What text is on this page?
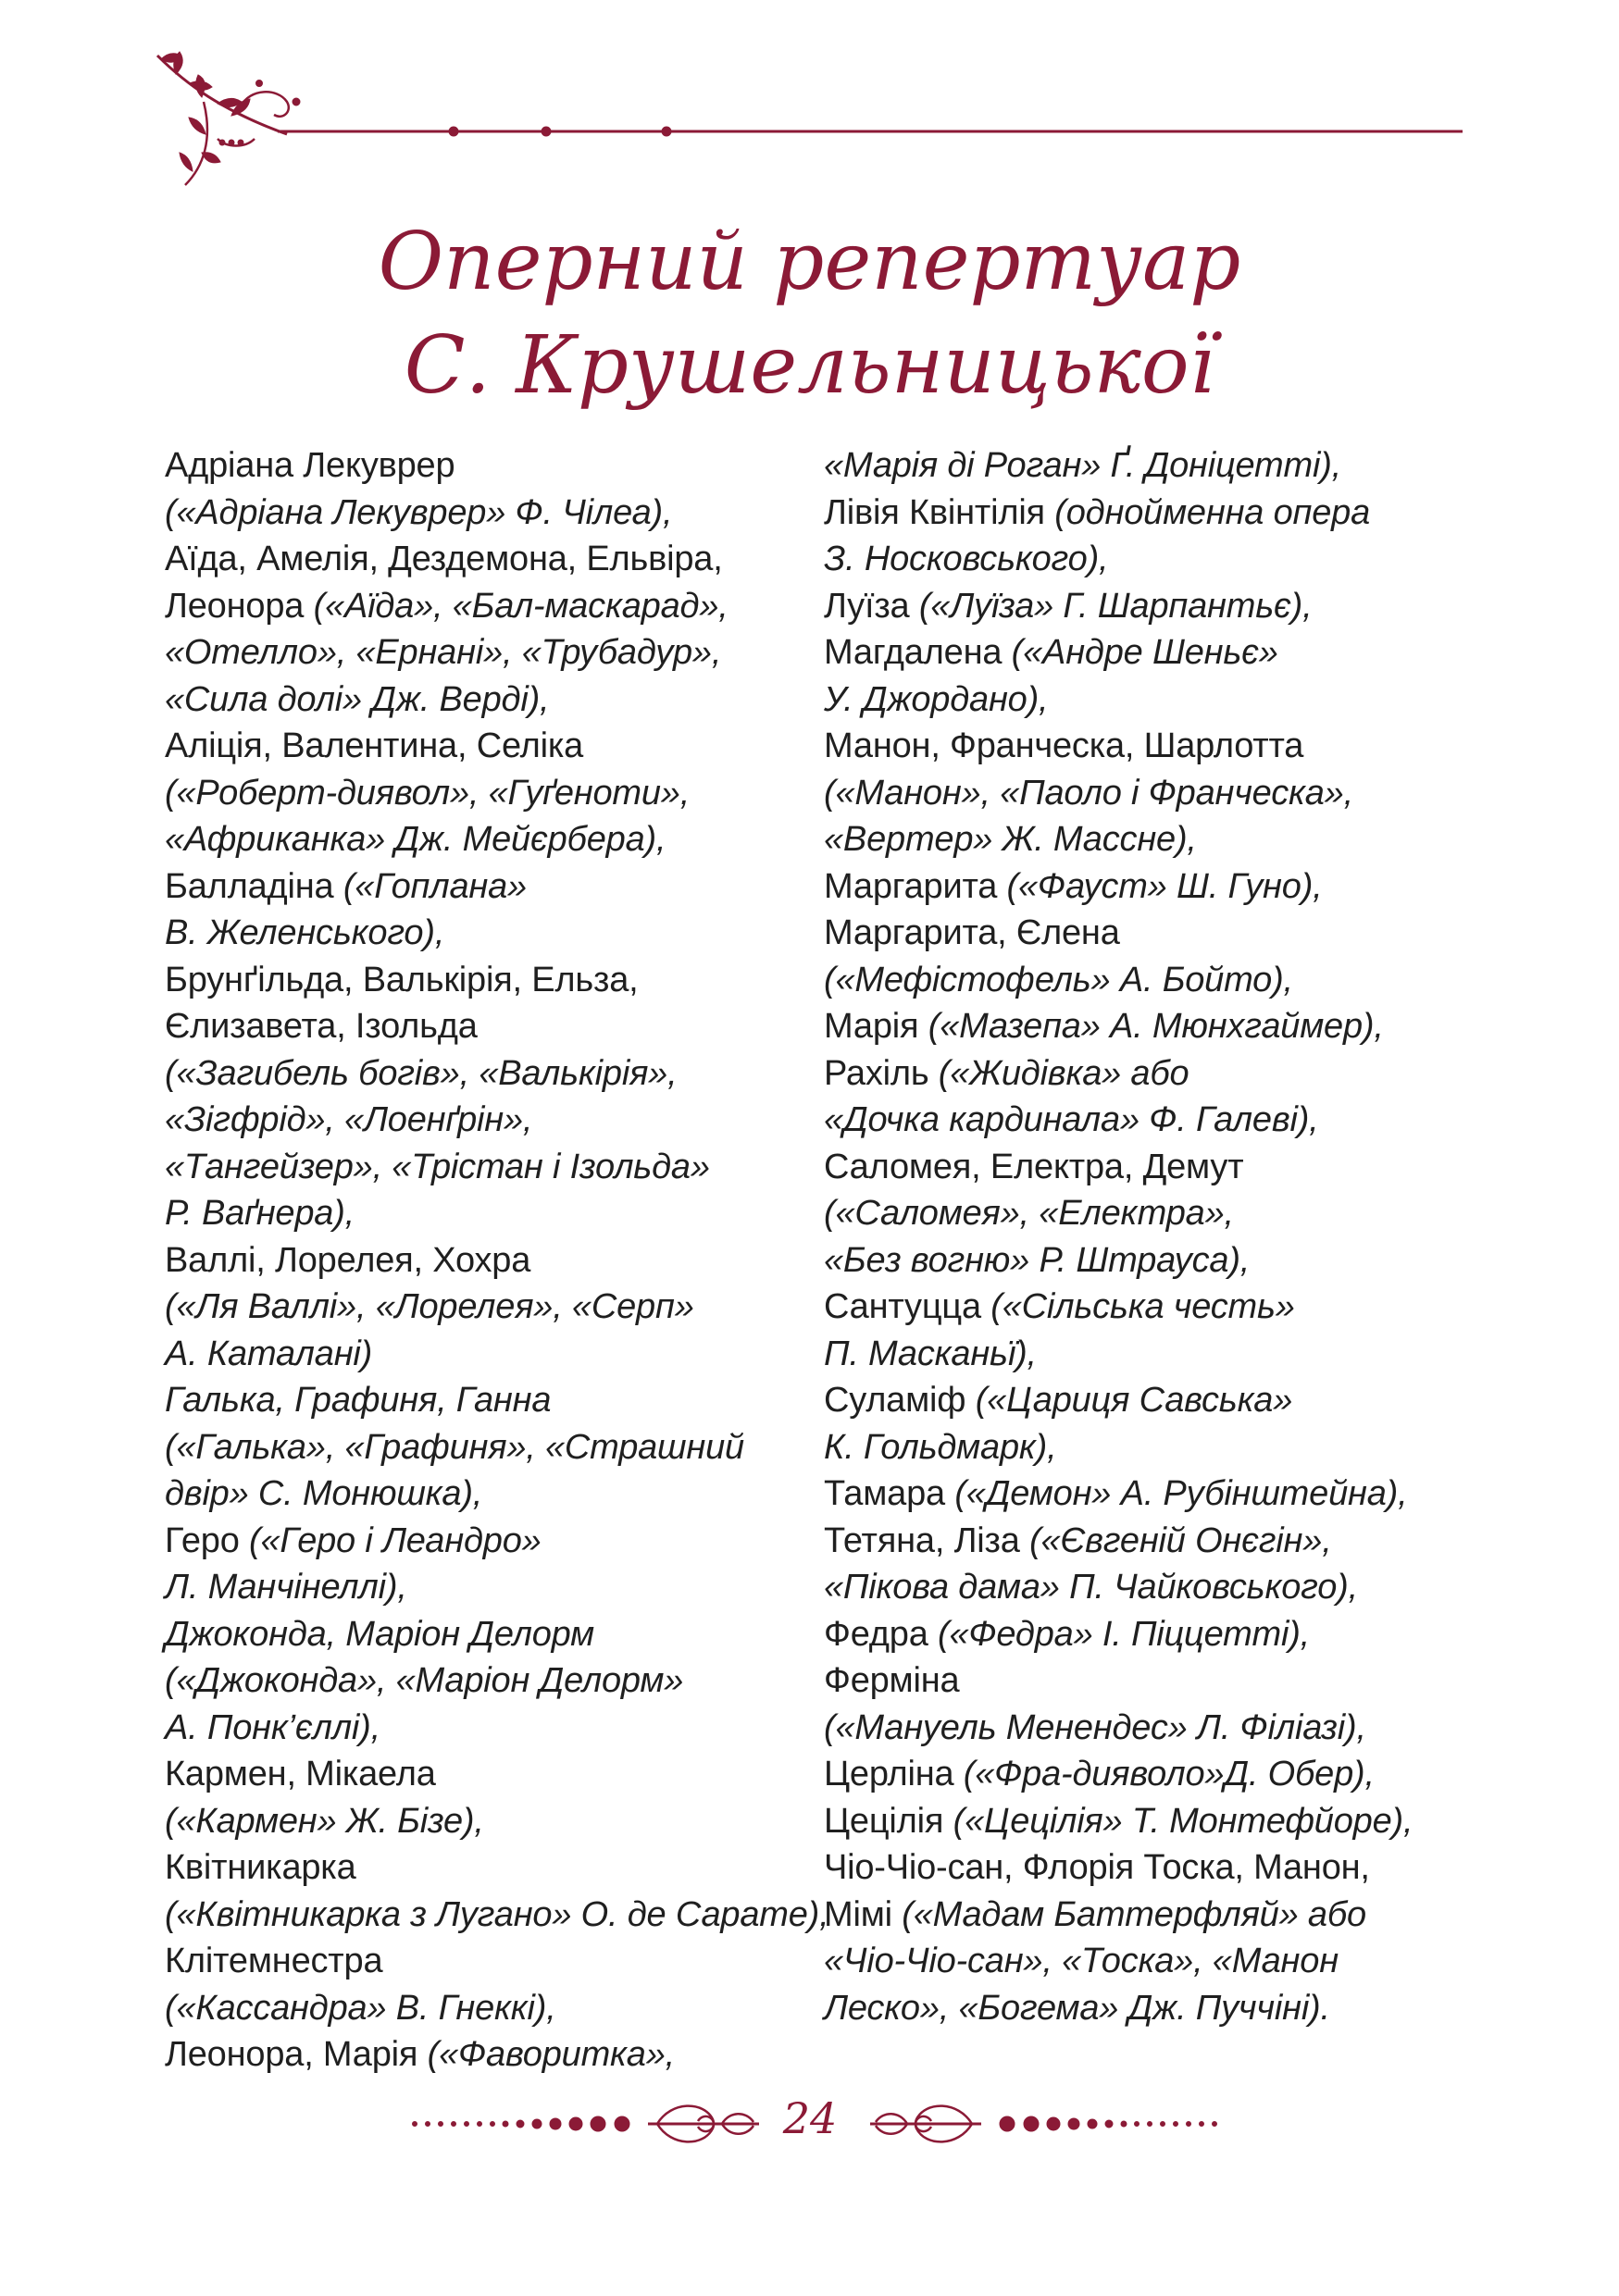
Оперний репертуар
С. Крушельницької
Адріана Лекуврер
(«Адріана Лекуврер» Ф. Чілеа),
Аїда, Амелія, Дездемона, Ельвіра,
Леонора («Аїда», «Бал-маскарад»,
«Отелло», «Ернані», «Трубадур»,
«Сила долі» Дж. Верді),
Аліція, Валентина, Селіка
(«Роберт-диявол», «Гуґеноти»,
«Африканка» Дж. Мейєрбера),
Балладіна («Гоплана»
В. Желенського),
Брунґільда, Валькірія, Ельза,
Єлизавета, Ізольда
(«Загибель богів», «Валькірія»,
«Зігфрід», «Лоенґрін»,
«Тангейзер», «Трістан і Ізольда»
Р. Ваґнера),
Валлі, Лорелея, Хохра
(«Ля Валлі», «Лорелея», «Серп»
А. Каталані)
Галька, Графиня, Ганна
(«Галька», «Графиня», «Страшний
двір» С. Монюшка),
Геро («Геро і Леандро»
Л. Манчінеллі),
Джоконда, Маріон Делорм
(«Джоконда», «Маріон Делорм»
А. Понк’єллі),
Кармен, Мікаела
(«Кармен» Ж. Бізе),
Квітникарка
(«Квітникарка з Лугано» О. де Сарате),
Клітемнестра
(«Кассандра» В. Гнеккі),
Леонора, Марія («Фаворитка»,
«Марія ді Роган» Ґ. Доніцетті),
Лівія Квінтілія (однойменна опера
З. Носковського),
Луїза («Луїза» Г. Шарпантьє),
Магдалена («Андре Шеньє»
У. Джордано),
Манон, Франческа, Шарлотта
(«Манон», «Паоло і Франческа»,
«Вертер» Ж. Массне),
Маргарита («Фауст» Ш. Гуно),
Маргарита, Єлена
(«Мефістофель» А. Бойто),
Марія («Мазепа» А. Мюнхгаймер),
Рахіль («Жидівка» або
«Дочка кардинала» Ф. Галеві),
Саломея, Електра, Демут
(«Саломея», «Електра»,
«Без вогню» Р. Штрауса),
Сантуцца («Сільська честь»
П. Масканьї),
Суламіф («Цариця Савська»
К. Гольдмарк),
Тамара («Демон» А. Рубінштейна),
Тетяна, Ліза («Євгеній Онєгін»,
«Пікова дама» П. Чайковського),
Федра («Федра» І. Піццетті),
Ферміна
(«Мануель Менендес» Л. Філіазі),
Церліна («Фра-дияволо»Д. Обер),
Цецілія («Цецілія» Т. Монтефйоре),
Чіо-Чіо-сан, Флорія Тоска, Манон,
Мімі («Мадам Баттерфляй» або
«Чіо-Чіо-сан», «Тоска», «Манон
Леско», «Богема» Дж. Пуччіні).
24
